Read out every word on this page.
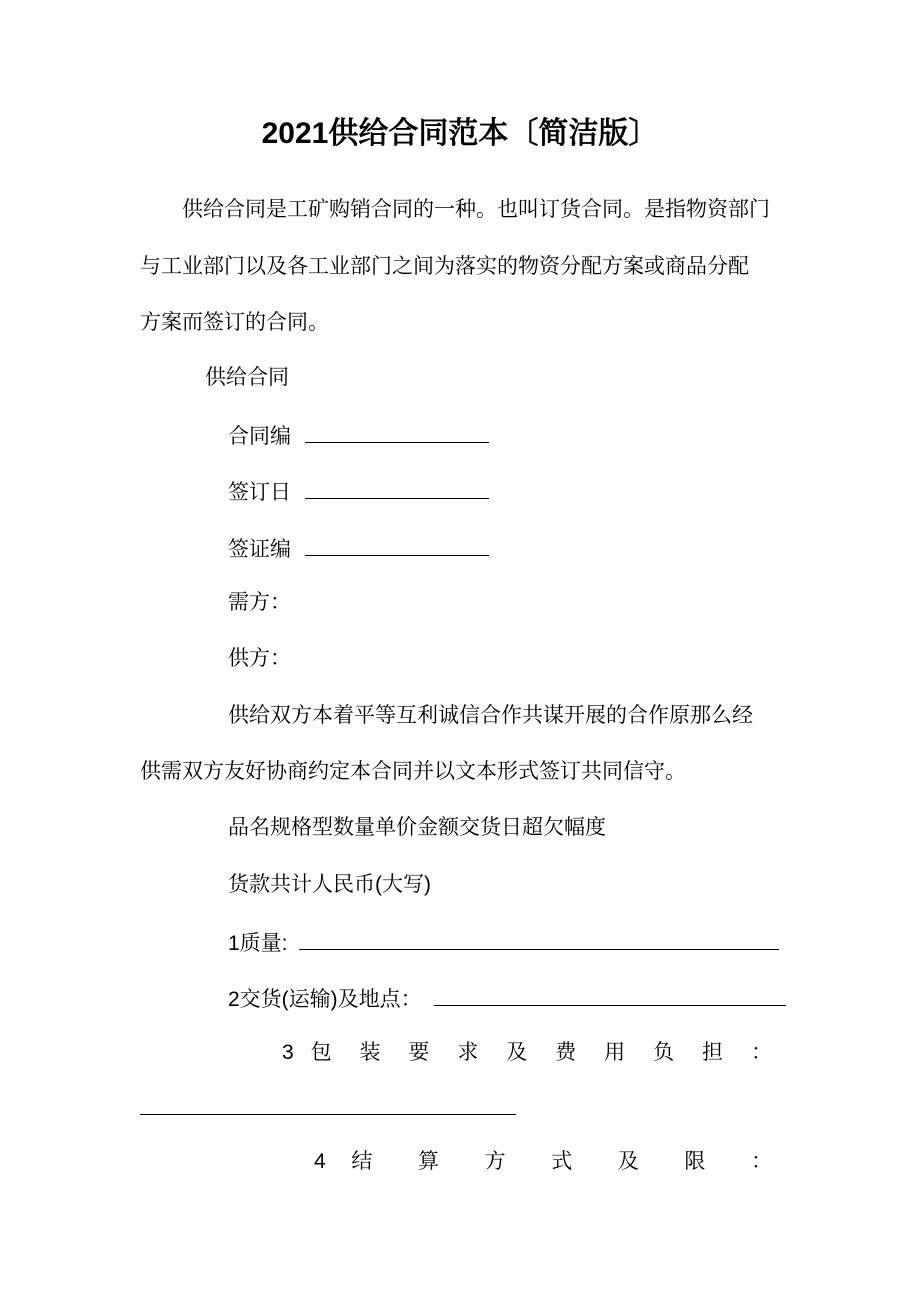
2021供给合同范本〔简洁版〕
供给合同是工矿购销合同的一种。也叫订货合同。是指物资部门
与工业部门以及各工业部门之间为落实的物资分配方案或商品分配
方案而签订的合同。
供给合同
合同编
签订日
签证编
需方：
供方：
供给双方本着平等互利诚信合作共谋开展的合作原那么经
供需双方友好协商约定本合同并以文本形式签订共同信守。
品名规格型数量单价金额交货日超欠幅度
货款共计人民币(大写)
1质量:
2交货(运输)及地点：
3 包 装 要 求 及 费 用 负 担 ：
4 结 算 方 式 及 限 ：
